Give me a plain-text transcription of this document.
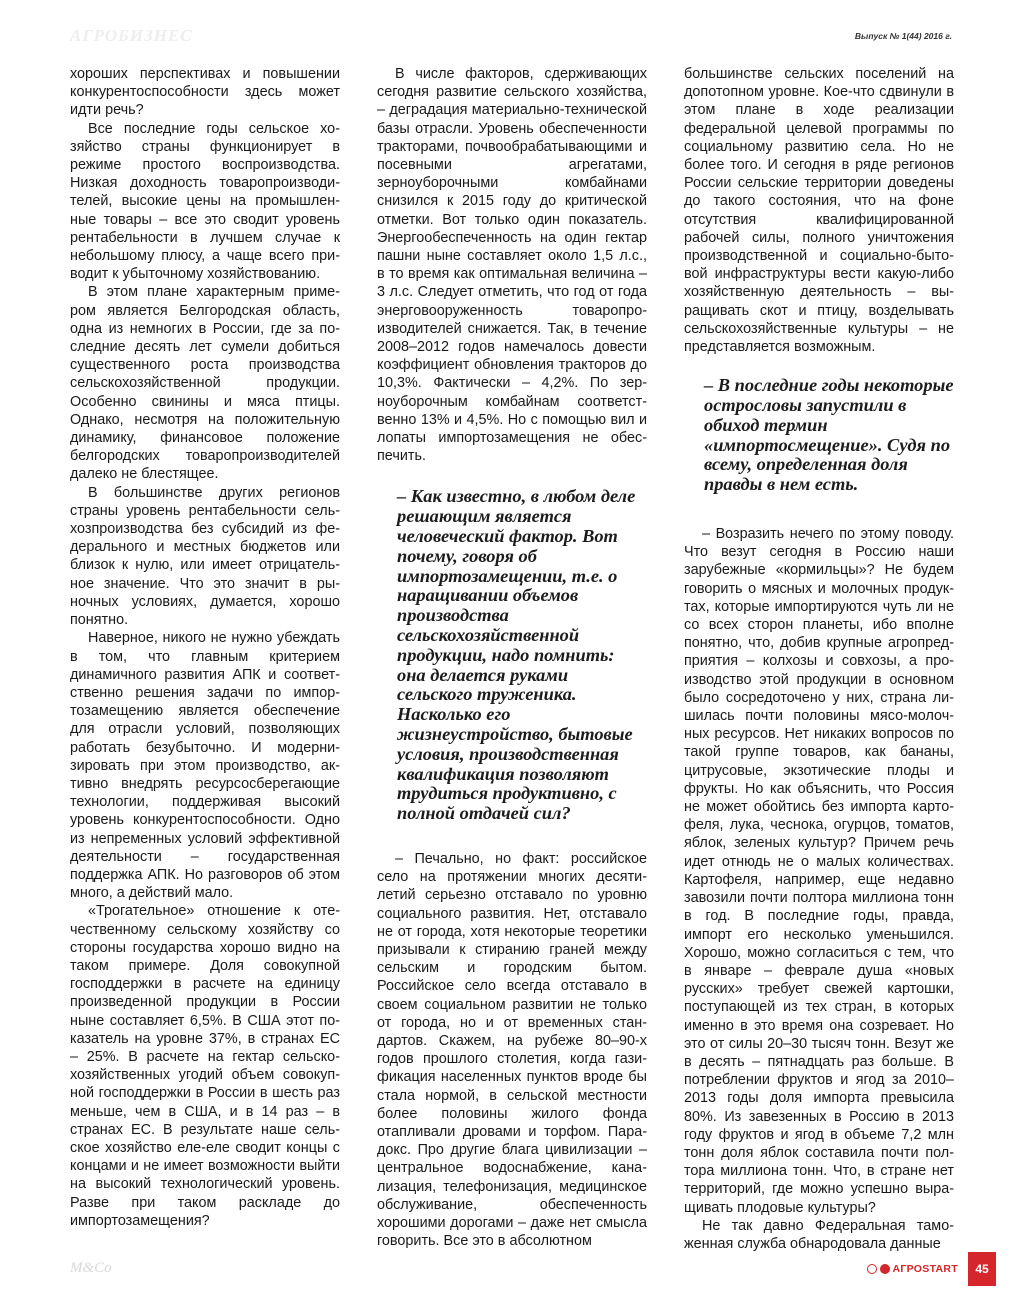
АГРОБИЗНЕС	Выпуск № 1(44) 2016 г.

хороших перспективах и повышении конкурентоспособности здесь может идти речь?

Все последние годы сельское хозяйство страны функционирует в режиме простого воспроизводства. Низкая доходность товаропроизводителей, высокие цены на промышленные товары – все это сводит уровень рентабельности в лучшем случае к небольшому плюсу, а чаще всего приводит к убыточному хозяйствованию.

В этом плане характерным примером является Белгородская область, одна из немногих в России, где за последние десять лет сумели добиться существенного роста производства сельскохозяйственной продукции. Особенно свинины и мяса птицы. Однако, несмотря на положительную динамику, финансовое положение белгородских товаропроизводителей далеко не блестящее.

В большинстве других регионов страны уровень рентабельности сельхозпроизводства без субсидий из федерального и местных бюджетов или близок к нулю, или имеет отрицательное значение. Что это значит в рыночных условиях, думается, хорошо понятно.

Наверное, никого не нужно убеждать в том, что главным критерием динамичного развития АПК и соответственно решения задачи по импортозамещению является обеспечение для отрасли условий, позволяющих работать безубыточно. И модернизировать при этом производство, активно внедрять ресурсосберегающие технологии, поддерживая высокий уровень конкурентоспособности. Одно из непременных условий эффективной деятельности – государственная поддержка АПК. Но разговоров об этом много, а действий мало.

«Трогательное» отношение к отечественному сельскому хозяйству со стороны государства хорошо видно на таком примере. Доля совокупной господдержки в расчете на единицу произведенной продукции в России ныне составляет 6,5%. В США этот показатель на уровне 37%, в странах ЕС – 25%. В расчете на гектар сельскохозяйственных угодий объем совокупной господдержки в России в шесть раз меньше, чем в США, и в 14 раз – в странах ЕС. В результате наше сельское хозяйство еле-еле сводит концы с концами и не имеет возможности выйти на высокий технологический уровень. Разве при таком раскладе до импортозамещения?

В числе факторов, сдерживающих сегодня развитие сельского хозяйства, – деградация материально-технической базы отрасли. Уровень обеспеченности тракторами, почвообрабатывающими и посевными агрегатами, зерноуборочными комбайнами снизился к 2015 году до критической отметки. Вот только один показатель. Энергообеспеченность на один гектар пашни ныне составляет около 1,5 л.с., в то время как оптимальная величина – 3 л.с. Следует отметить, что год от года энерговооруженность товаропроизводителей снижается. Так, в течение 2008–2012 годов намечалось довести коэффициент обновления тракторов до 10,3%. Фактически – 4,2%. По зерноуборочным комбайнам соответственно 13% и 4,5%. Но с помощью вил и лопаты импортозамещения не обеспечить.

– Как известно, в любом деле решающим является человеческий фактор. Вот почему, говоря об импортозамещении, т.е. о наращивании объемов производства сельскохозяйственной продукции, надо помнить: она делается руками сельского труженика. Насколько его жизнеустройство, бытовые условия, производственная квалификация позволяют трудиться продуктивно, с полной отдачей сил?

– Печально, но факт: российское село на протяжении многих десятилетий серьезно отставало по уровню социального развития. Нет, отставало не от города, хотя некоторые теоретики призывали к стиранию граней между сельским и городским бытом. Российское село всегда отставало в своем социальном развитии не только от города, но и от временных стандартов. Скажем, на рубеже 80–90-х годов прошлого столетия, когда газификация населенных пунктов вроде бы стала нормой, в сельской местности более половины жилого фонда отапливали дровами и торфом. Парадокс. Про другие блага цивилизации – центральное водоснабжение, канализация, телефонизация, медицинское обслуживание, обеспеченность хорошими дорогами – даже нет смысла говорить. Все это в абсолютном

большинстве сельских поселений на допотопном уровне. Кое-что сдвинули в этом плане в ходе реализации федеральной целевой программы по социальному развитию села. Но не более того. И сегодня в ряде регионов России сельские территории доведены до такого состояния, что на фоне отсутствия квалифицированной рабочей силы, полного уничтожения производственной и социально-бытовой инфраструктуры вести какую-либо хозяйственную деятельность – выращивать скот и птицу, возделывать сельскохозяйственные культуры – не представляется возможным.

– В последние годы некоторые острословы запустили в обиход термин «импортосмещение». Судя по всему, определенная доля правды в нем есть.

– Возразить нечего по этому поводу. Что везут сегодня в Россию наши зарубежные «кормильцы»? Не будем говорить о мясных и молочных продуктах, которые импортируются чуть ли не со всех сторон планеты, ибо вполне понятно, что, добив крупные агропредприятия – колхозы и совхозы, а производство этой продукции в основном было сосредоточено у них, страна лишилась почти половины мясо-молочных ресурсов. Нет никаких вопросов по такой группе товаров, как бананы, цитрусовые, экзотические плоды и фрукты. Но как объяснить, что Россия не может обойтись без импорта картофеля, лука, чеснока, огурцов, томатов, яблок, зеленых культур? Причем речь идет отнюдь не о малых количествах. Картофеля, например, еще недавно завозили почти полтора миллиона тонн в год. В последние годы, правда, импорт его несколько уменьшился. Хорошо, можно согласиться с тем, что в январе – феврале душа «новых русских» требует свежей картошки, поступающей из тех стран, в которых именно в это время она созревает. Но это от силы 20–30 тысяч тонн. Везут же в десять – пятнадцать раз больше. В потреблении фруктов и ягод за 2010–2013 годы доля импорта превысила 80%. Из завезенных в Россию в 2013 году фруктов и ягод в объеме 7,2 млн тонн доля яблок составила почти полтора миллиона тонн. Что, в стране нет территорий, где можно успешно выращивать плодовые культуры?

Не так давно Федеральная таможенная служба обнародовала данные

M&Co	АГРОSTART	45
